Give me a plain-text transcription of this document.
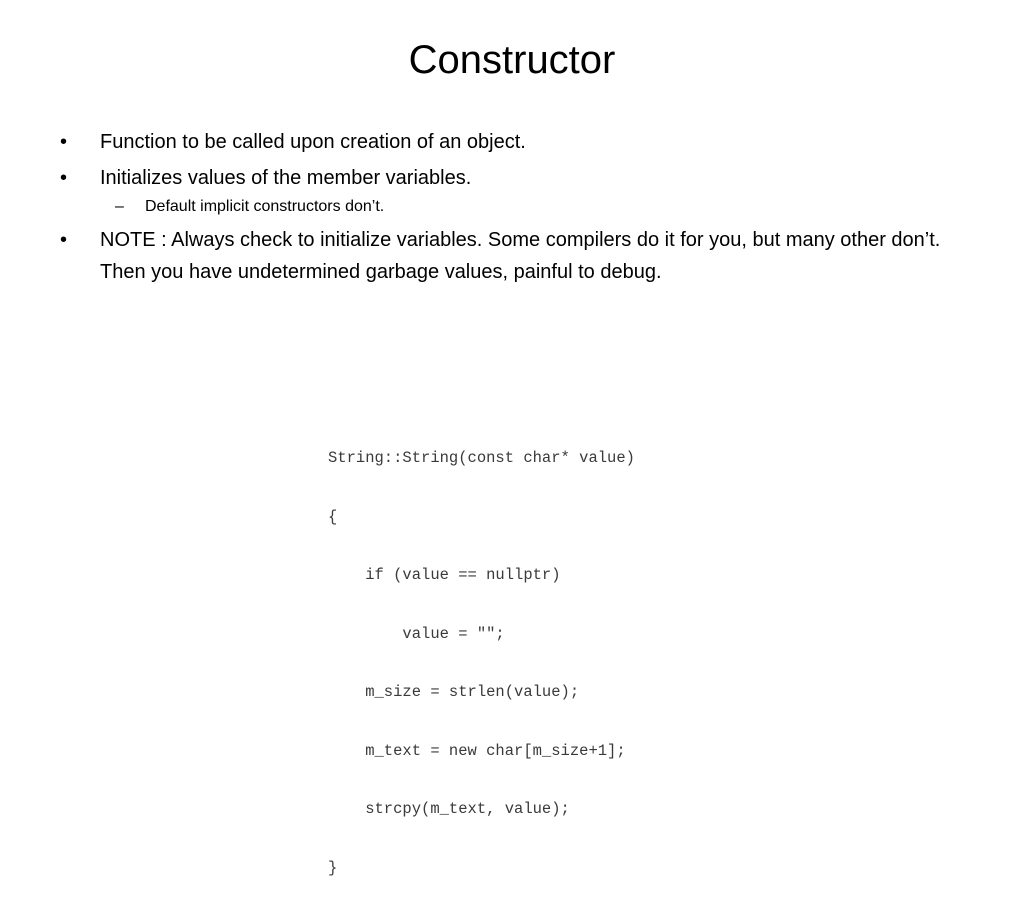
Constructor
•	Function to be called upon creation of an object.
•	Initializes values of the member variables.
– Default implicit constructors don’t.
•	NOTE : Always check to initialize variables. Some compilers do it for you, but many other don’t. Then you have undetermined garbage values, painful to debug.

String::String(const char* value)

{

if (value == nullptr)

value = "";

m_size = strlen(value);

m_text = new char[m_size+1];

strcpy(m_text, value);

}
